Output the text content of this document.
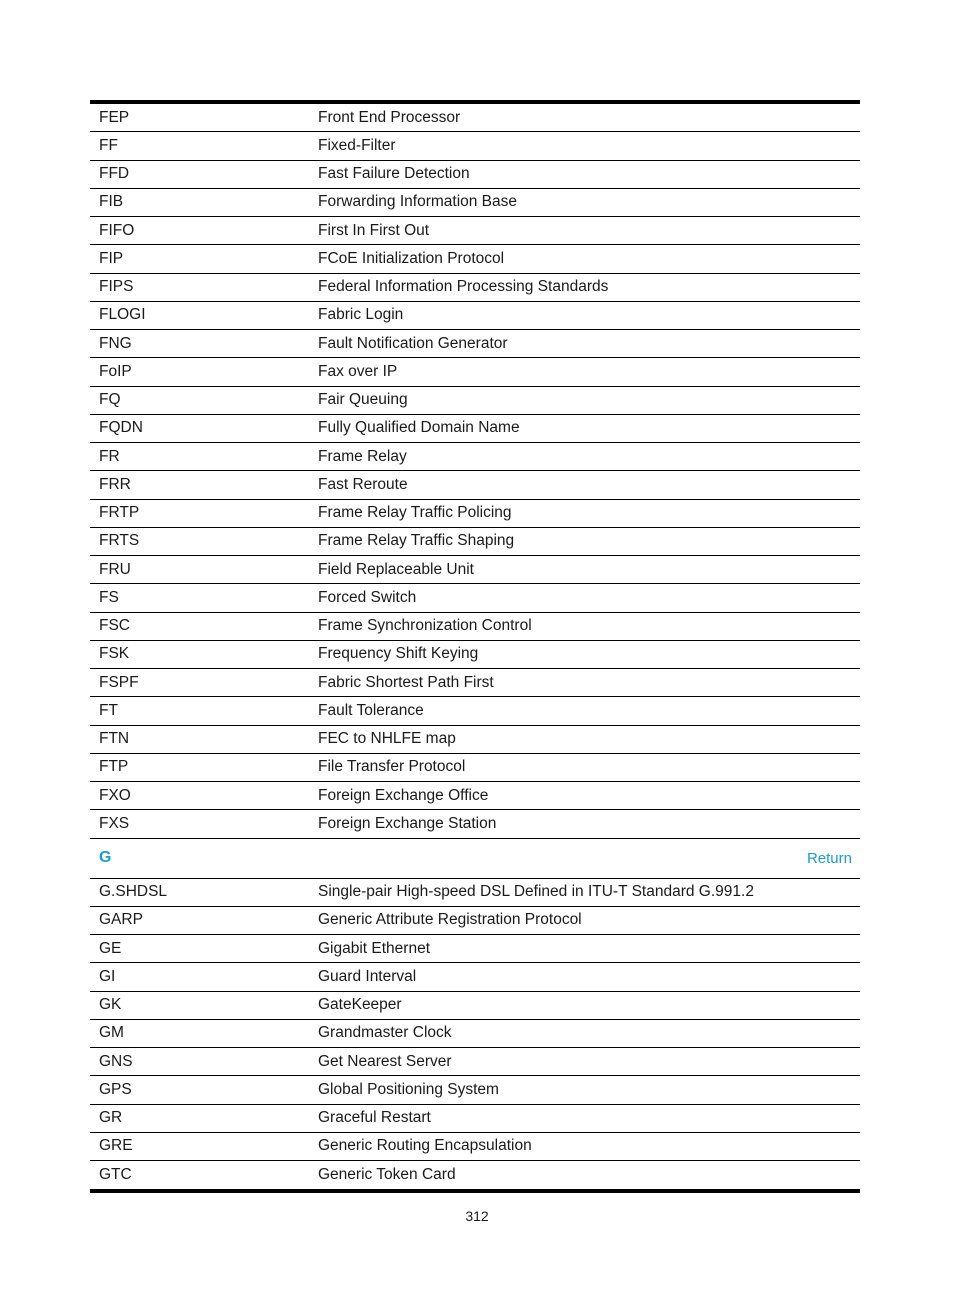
FEP	Front End Processor
FF	Fixed-Filter
FFD	Fast Failure Detection
FIB	Forwarding Information Base
FIFO	First In First Out
FIP	FCoE Initialization Protocol
FIPS	Federal Information Processing Standards
FLOGI	Fabric Login
FNG	Fault Notification Generator
FoIP	Fax over IP
FQ	Fair Queuing
FQDN	Fully Qualified Domain Name
FR	Frame Relay
FRR	Fast Reroute
FRTP	Frame Relay Traffic Policing
FRTS	Frame Relay Traffic Shaping
FRU	Field Replaceable Unit
FS	Forced Switch
FSC	Frame Synchronization Control
FSK	Frequency Shift Keying
FSPF	Fabric Shortest Path First
FT	Fault Tolerance
FTN	FEC to NHLFE map
FTP	File Transfer Protocol
FXO	Foreign Exchange Office
FXS	Foreign Exchange Station
G	Return
G.SHDSL	Single-pair High-speed DSL Defined in ITU-T Standard G.991.2
GARP	Generic Attribute Registration Protocol
GE	Gigabit Ethernet
GI	Guard Interval
GK	GateKeeper
GM	Grandmaster Clock
GNS	Get Nearest Server
GPS	Global Positioning System
GR	Graceful Restart
GRE	Generic Routing Encapsulation
GTC	Generic Token Card
312
